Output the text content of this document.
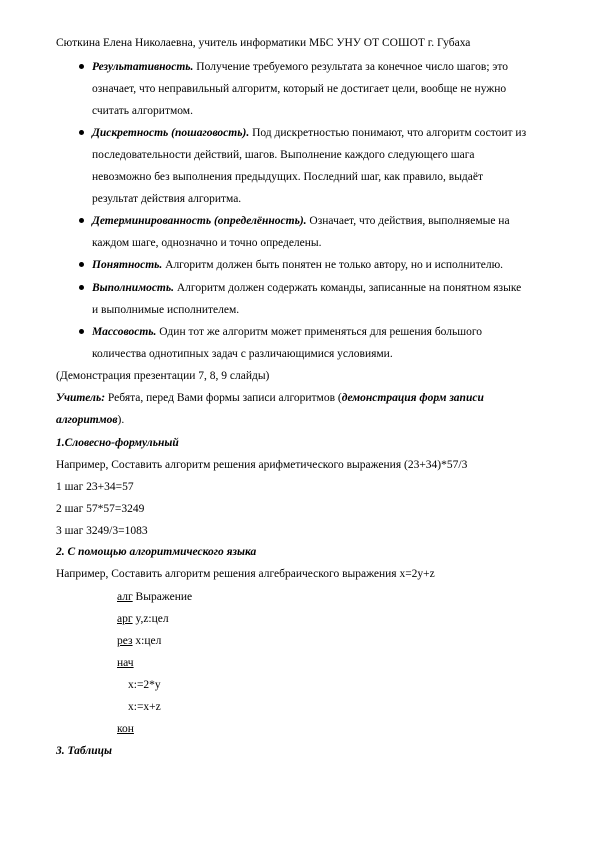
Сюткина Елена Николаевна, учитель информатики МБС УНУ ОТ СОШОТ г. Губаха
Результативность. Получение требуемого результата за конечное число шагов; это
означает, что неправильный алгоритм, который не достигает цели, вообще не нужно
считать алгоритмом.
Дискретность (пошаговость). Под дискретностью понимают, что алгоритм состоит из
последовательности действий, шагов. Выполнение каждого следующего шага
невозможно без выполнения предыдущих. Последний шаг, как правило, выдаёт
результат действия алгоритма.
Детерминированность (определённость). Означает, что действия, выполняемые на
каждом шаге, однозначно и точно определены.
Понятность. Алгоритм должен быть понятен не только автору, но и исполнителю.
Выполнимость. Алгоритм должен содержать команды, записанные на понятном языке
и выполнимые исполнителем.
Массовость. Один тот же алгоритм может применяться для решения большого
количества однотипных задач с различающимися условиями.
(Демонстрация презентации 7, 8, 9 слайды)
Учитель: Ребята, перед Вами формы записи алгоритмов (демонстрация форм записи
алгоритмов).
1.Словесно-формульный
Например, Составить алгоритм решения арифметического выражения (23+34)*57/3
1 шаг 23+34=57
2 шаг 57*57=3249
3 шаг 3249/3=1083
2. С помощью алгоритмического языка
Например, Составить алгоритм решения алгебраического выражения x=2y+z
алг Выражение
арг y,z:цел
рез x:цел
нач
x:=2*y
x:=x+z
кон
3. Таблицы
